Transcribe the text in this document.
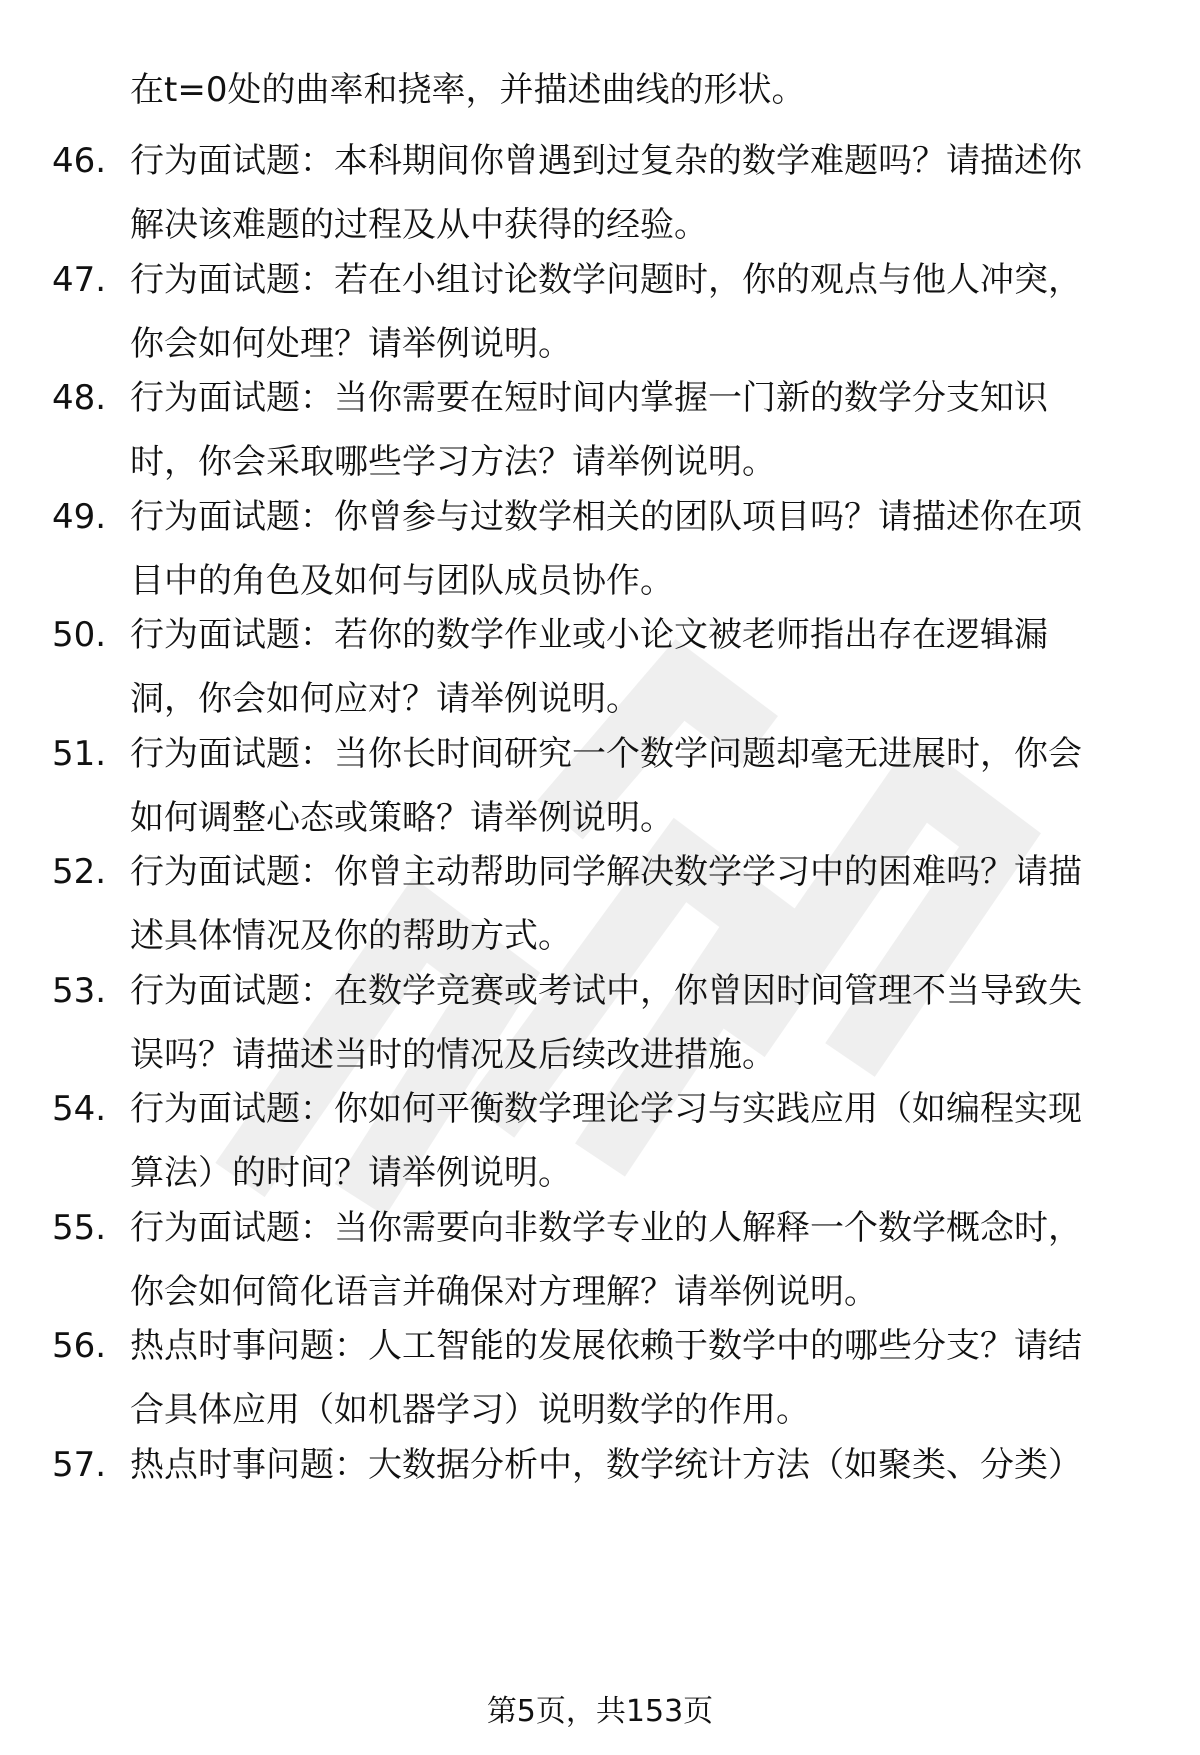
在t=0处的曲率和挠率，并描述曲线的形状。
46. 行为面试题：本科期间你曾遇到过复杂的数学难题吗？请描述你
解决该难题的过程及从中获得的经验。
47. 行为面试题：若在小组讨论数学问题时，你的观点与他人冲突，
你会如何处理？请举例说明。
48. 行为面试题：当你需要在短时间内掌握一门新的数学分支知识
时，你会采取哪些学习方法？请举例说明。
49. 行为面试题：你曾参与过数学相关的团队项目吗？请描述你在项
目中的角色及如何与团队成员协作。
50. 行为面试题：若你的数学作业或小论文被老师指出存在逻辑漏
洞，你会如何应对？请举例说明。
51. 行为面试题：当你长时间研究一个数学问题却毫无进展时，你会
如何调整心态或策略？请举例说明。
52. 行为面试题：你曾主动帮助同学解决数学学习中的困难吗？请描
述具体情况及你的帮助方式。
53. 行为面试题：在数学竞赛或考试中，你曾因时间管理不当导致失
误吗？请描述当时的情况及后续改进措施。
54. 行为面试题：你如何平衡数学理论学习与实践应用（如编程实现
算法）的时间？请举例说明。
55. 行为面试题：当你需要向非数学专业的人解释一个数学概念时，
你会如何简化语言并确保对方理解？请举例说明。
56. 热点时事问题：人工智能的发展依赖于数学中的哪些分支？请结
合具体应用（如机器学习）说明数学的作用。
57. 热点时事问题：大数据分析中，数学统计方法（如聚类、分类）
第5页，共153页
